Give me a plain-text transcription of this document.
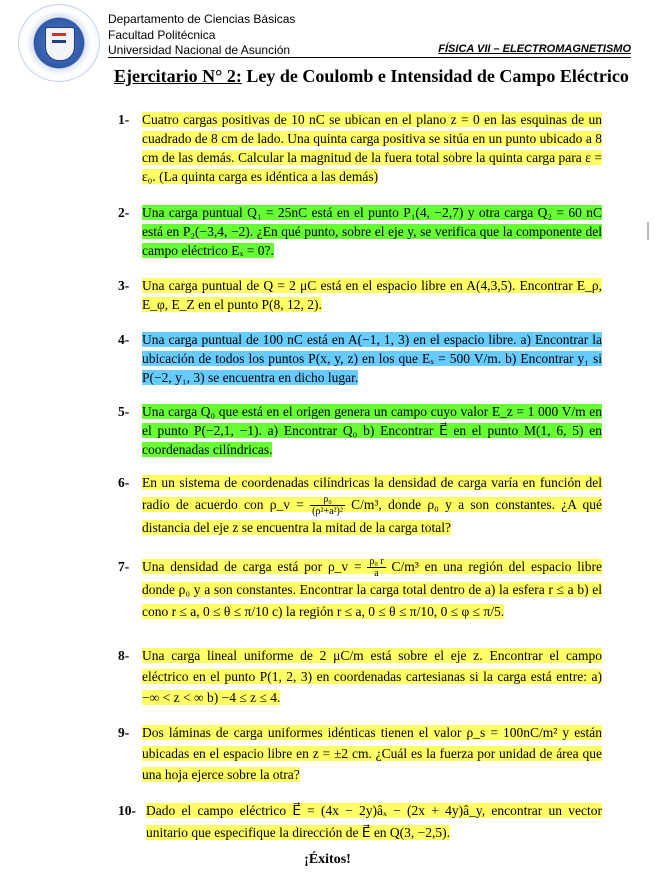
Departamento de Ciencias Básicas
Facultad Politécnica
Universidad Nacional de Asunción	FÍSICA VII – ELECTROMAGNETISMO
Ejercitario N° 2: Ley de Coulomb e Intensidad de Campo Eléctrico
1- Cuatro cargas positivas de 10 nC se ubican en el plano z = 0 en las esquinas de un cuadrado de 8 cm de lado. Una quinta carga positiva se sitúa en un punto ubicado a 8 cm de las demás. Calcular la magnitud de la fuera total sobre la quinta carga para ε = ε₀. (La quinta carga es idéntica a las demás)
2- Una carga puntual Q₁ = 25nC está en el punto P₁(4, −2,7) y otra carga Q₂ = 60 nC está en P₂(−3,4, −2). ¿En qué punto, sobre el eje y, se verifica que la componente del campo eléctrico Eₓ = 0?.
3- Una carga puntual de Q = 2 μC está en el espacio libre en A(4,3,5). Encontrar E_ρ, E_φ, E_Z en el punto P(8, 12, 2).
4- Una carga puntual de 100 nC está en A(−1, 1, 3) en el espacio libre. a) Encontrar la ubicación de todos los puntos P(x, y, z) en los que Eₓ = 500 V/m. b) Encontrar y₁ si P(−2, y₁, 3) se encuentra en dicho lugar.
5- Una carga Q₀ que está en el origen genera un campo cuyo valor E_z = 1 000 V/m en el punto P(−2,1, −1). a) Encontrar Q₀ b) Encontrar E⃗ en el punto M(1, 6, 5) en coordenadas cilíndricas.
6- En un sistema de coordenadas cilíndricas la densidad de carga varía en función del radio de acuerdo con ρ_v = $\frac{\text{ρ₀}}{\text{(ρ²+a²)²}} C/m^3$, donde ρ₀ y a son constantes. ¿A qué distancia del eje z se encuentra la mitad de la carga total?
7- Una densidad de carga está por ρ_v = $\frac{\text{ρ₀ r}}{a} C/m^3$ en una región del espacio libre donde ρ₀ y a son constantes. Encontrar la carga total dentro de a) la esfera r ≤ a b) el cono r ≤ a, 0 ≤ θ ≤ π/10 c) la región r ≤ a, 0 ≤ θ ≤ π/10, 0 ≤ φ ≤ π/5.
8- Una carga lineal uniforme de 2 μC/m está sobre el eje z. Encontrar el campo eléctrico en el punto P(1, 2, 3) en coordenadas cartesianas si la carga está entre: a) −∞ < z < ∞ b) −4 ≤ z ≤ 4.
9- Dos láminas de carga uniformes idénticas tienen el valor ρ_s = 100nC/m² y están ubicadas en el espacio libre en z = ±2 cm. ¿Cuál es la fuerza por unidad de área que una hoja ejerce sobre la otra?
10- Dado el campo eléctrico E⃗ = (4x − 2y)âₓ − (2x + 4y)â_y, encontrar un vector unitario que especifique la dirección de E⃗ en Q(3, −2,5).
¡Éxitos!
